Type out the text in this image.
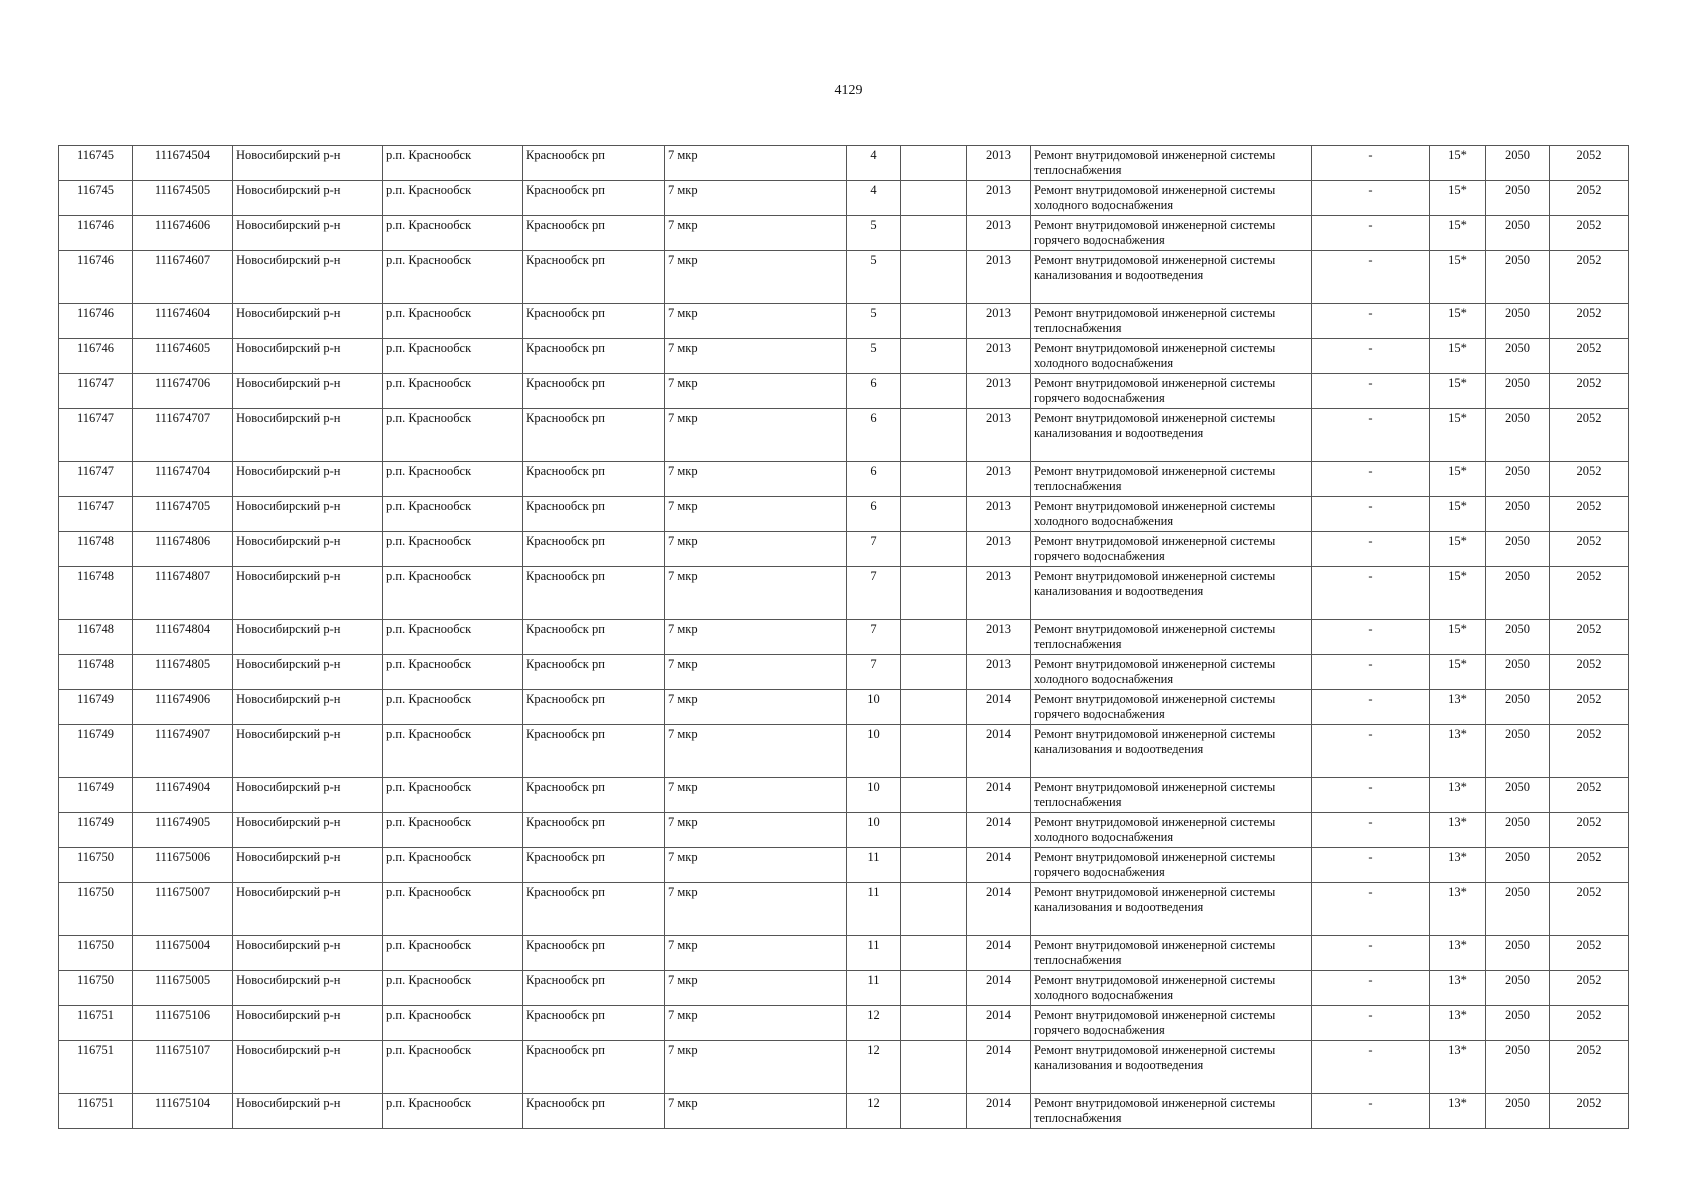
4129
116745	111674504	Новосибирский р-н	р.п. Краснообск	Краснообск рп	7 мкр	4		2013	Ремонт внутридомовой инженерной системы теплоснабжения	-	15*	2050	2052
116745	111674505	Новосибирский р-н	р.п. Краснообск	Краснообск рп	7 мкр	4		2013	Ремонт внутридомовой инженерной системы холодного водоснабжения	-	15*	2050	2052
116746	111674606	Новосибирский р-н	р.п. Краснообск	Краснообск рп	7 мкр	5		2013	Ремонт внутридомовой инженерной системы горячего водоснабжения	-	15*	2050	2052
116746	111674607	Новосибирский р-н	р.п. Краснообск	Краснообск рп	7 мкр	5		2013	Ремонт внутридомовой инженерной системы канализования и водоотведения	-	15*	2050	2052
116746	111674604	Новосибирский р-н	р.п. Краснообск	Краснообск рп	7 мкр	5		2013	Ремонт внутридомовой инженерной системы теплоснабжения	-	15*	2050	2052
116746	111674605	Новосибирский р-н	р.п. Краснообск	Краснообск рп	7 мкр	5		2013	Ремонт внутридомовой инженерной системы холодного водоснабжения	-	15*	2050	2052
116747	111674706	Новосибирский р-н	р.п. Краснообск	Краснообск рп	7 мкр	6		2013	Ремонт внутридомовой инженерной системы горячего водоснабжения	-	15*	2050	2052
116747	111674707	Новосибирский р-н	р.п. Краснообск	Краснообск рп	7 мкр	6		2013	Ремонт внутридомовой инженерной системы канализования и водоотведения	-	15*	2050	2052
116747	111674704	Новосибирский р-н	р.п. Краснообск	Краснообск рп	7 мкр	6		2013	Ремонт внутридомовой инженерной системы теплоснабжения	-	15*	2050	2052
116747	111674705	Новосибирский р-н	р.п. Краснообск	Краснообск рп	7 мкр	6		2013	Ремонт внутридомовой инженерной системы холодного водоснабжения	-	15*	2050	2052
116748	111674806	Новосибирский р-н	р.п. Краснообск	Краснообск рп	7 мкр	7		2013	Ремонт внутридомовой инженерной системы горячего водоснабжения	-	15*	2050	2052
116748	111674807	Новосибирский р-н	р.п. Краснообск	Краснообск рп	7 мкр	7		2013	Ремонт внутридомовой инженерной системы канализования и водоотведения	-	15*	2050	2052
116748	111674804	Новосибирский р-н	р.п. Краснообск	Краснообск рп	7 мкр	7		2013	Ремонт внутридомовой инженерной системы теплоснабжения	-	15*	2050	2052
116748	111674805	Новосибирский р-н	р.п. Краснообск	Краснообск рп	7 мкр	7		2013	Ремонт внутридомовой инженерной системы холодного водоснабжения	-	15*	2050	2052
116749	111674906	Новосибирский р-н	р.п. Краснообск	Краснообск рп	7 мкр	10		2014	Ремонт внутридомовой инженерной системы горячего водоснабжения	-	13*	2050	2052
116749	111674907	Новосибирский р-н	р.п. Краснообск	Краснообск рп	7 мкр	10		2014	Ремонт внутридомовой инженерной системы канализования и водоотведения	-	13*	2050	2052
116749	111674904	Новосибирский р-н	р.п. Краснообск	Краснообск рп	7 мкр	10		2014	Ремонт внутридомовой инженерной системы теплоснабжения	-	13*	2050	2052
116749	111674905	Новосибирский р-н	р.п. Краснообск	Краснообск рп	7 мкр	10		2014	Ремонт внутридомовой инженерной системы холодного водоснабжения	-	13*	2050	2052
116750	111675006	Новосибирский р-н	р.п. Краснообск	Краснообск рп	7 мкр	11		2014	Ремонт внутридомовой инженерной системы горячего водоснабжения	-	13*	2050	2052
116750	111675007	Новосибирский р-н	р.п. Краснообск	Краснообск рп	7 мкр	11		2014	Ремонт внутридомовой инженерной системы канализования и водоотведения	-	13*	2050	2052
116750	111675004	Новосибирский р-н	р.п. Краснообск	Краснообск рп	7 мкр	11		2014	Ремонт внутридомовой инженерной системы теплоснабжения	-	13*	2050	2052
116750	111675005	Новосибирский р-н	р.п. Краснообск	Краснообск рп	7 мкр	11		2014	Ремонт внутридомовой инженерной системы холодного водоснабжения	-	13*	2050	2052
116751	111675106	Новосибирский р-н	р.п. Краснообск	Краснообск рп	7 мкр	12		2014	Ремонт внутридомовой инженерной системы горячего водоснабжения	-	13*	2050	2052
116751	111675107	Новосибирский р-н	р.п. Краснообск	Краснообск рп	7 мкр	12		2014	Ремонт внутридомовой инженерной системы канализования и водоотведения	-	13*	2050	2052
116751	111675104	Новосибирский р-н	р.п. Краснообск	Краснообск рп	7 мкр	12		2014	Ремонт внутридомовой инженерной системы теплоснабжения	-	13*	2050	2052
